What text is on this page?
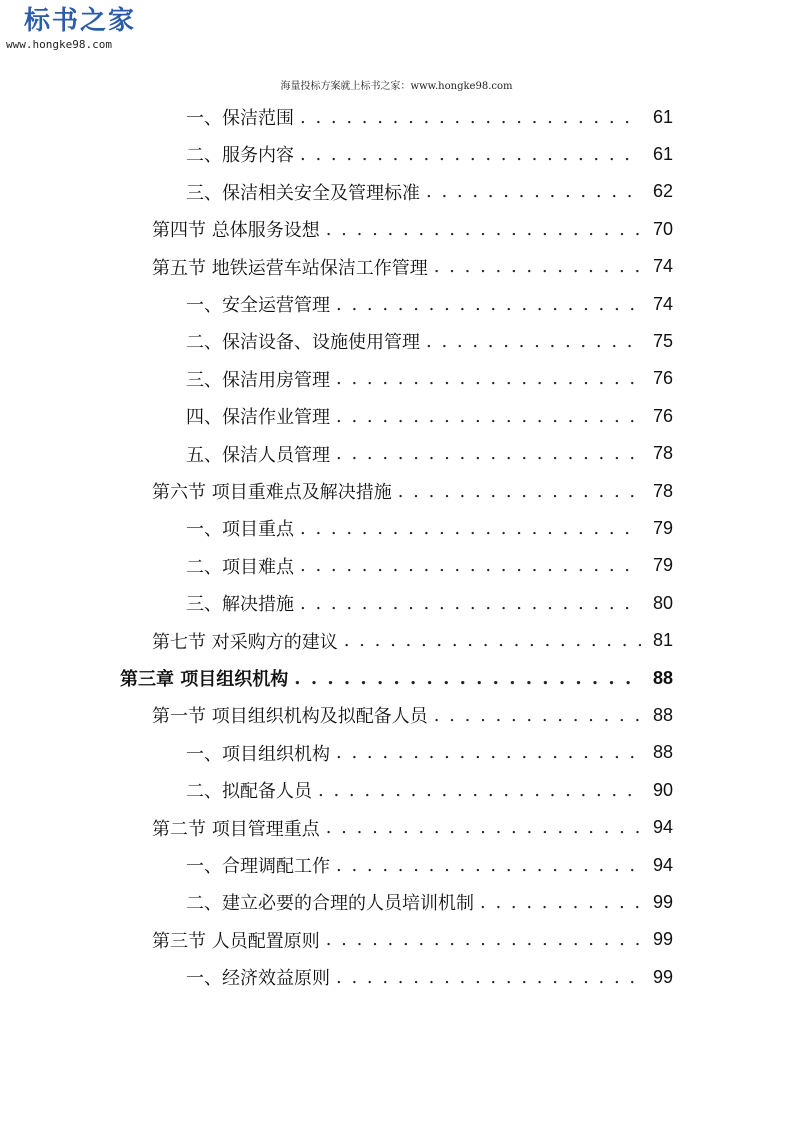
标书之家
www.hongke98.com
海量投标方案就上标书之家：www.hongke98.com
一、保洁范围 . . .	61
二、服务内容 . . .	61
三、保洁相关安全及管理标准 . . .	62
第四节 总体服务设想 . . .	70
第五节 地铁运营车站保洁工作管理 . . .	74
一、安全运营管理 . . .	74
二、保洁设备、设施使用管理 . . .	75
三、保洁用房管理 . . .	76
四、保洁作业管理 . . .	76
五、保洁人员管理 . . .	78
第六节 项目重难点及解决措施 . . .	78
一、项目重点 . . .	79
二、项目难点 . . .	79
三、解决措施 . . .	80
第七节 对采购方的建议 . . .	81
第三章 项目组织机构 . . .	88
第一节 项目组织机构及拟配备人员 . . .	88
一、项目组织机构 . . .	88
二、拟配备人员 . . .	90
第二节 项目管理重点 . . .	94
一、合理调配工作 . . .	94
二、建立必要的合理的人员培训机制 . . .	99
第三节 人员配置原则 . . .	99
一、经济效益原则 . . .	99
